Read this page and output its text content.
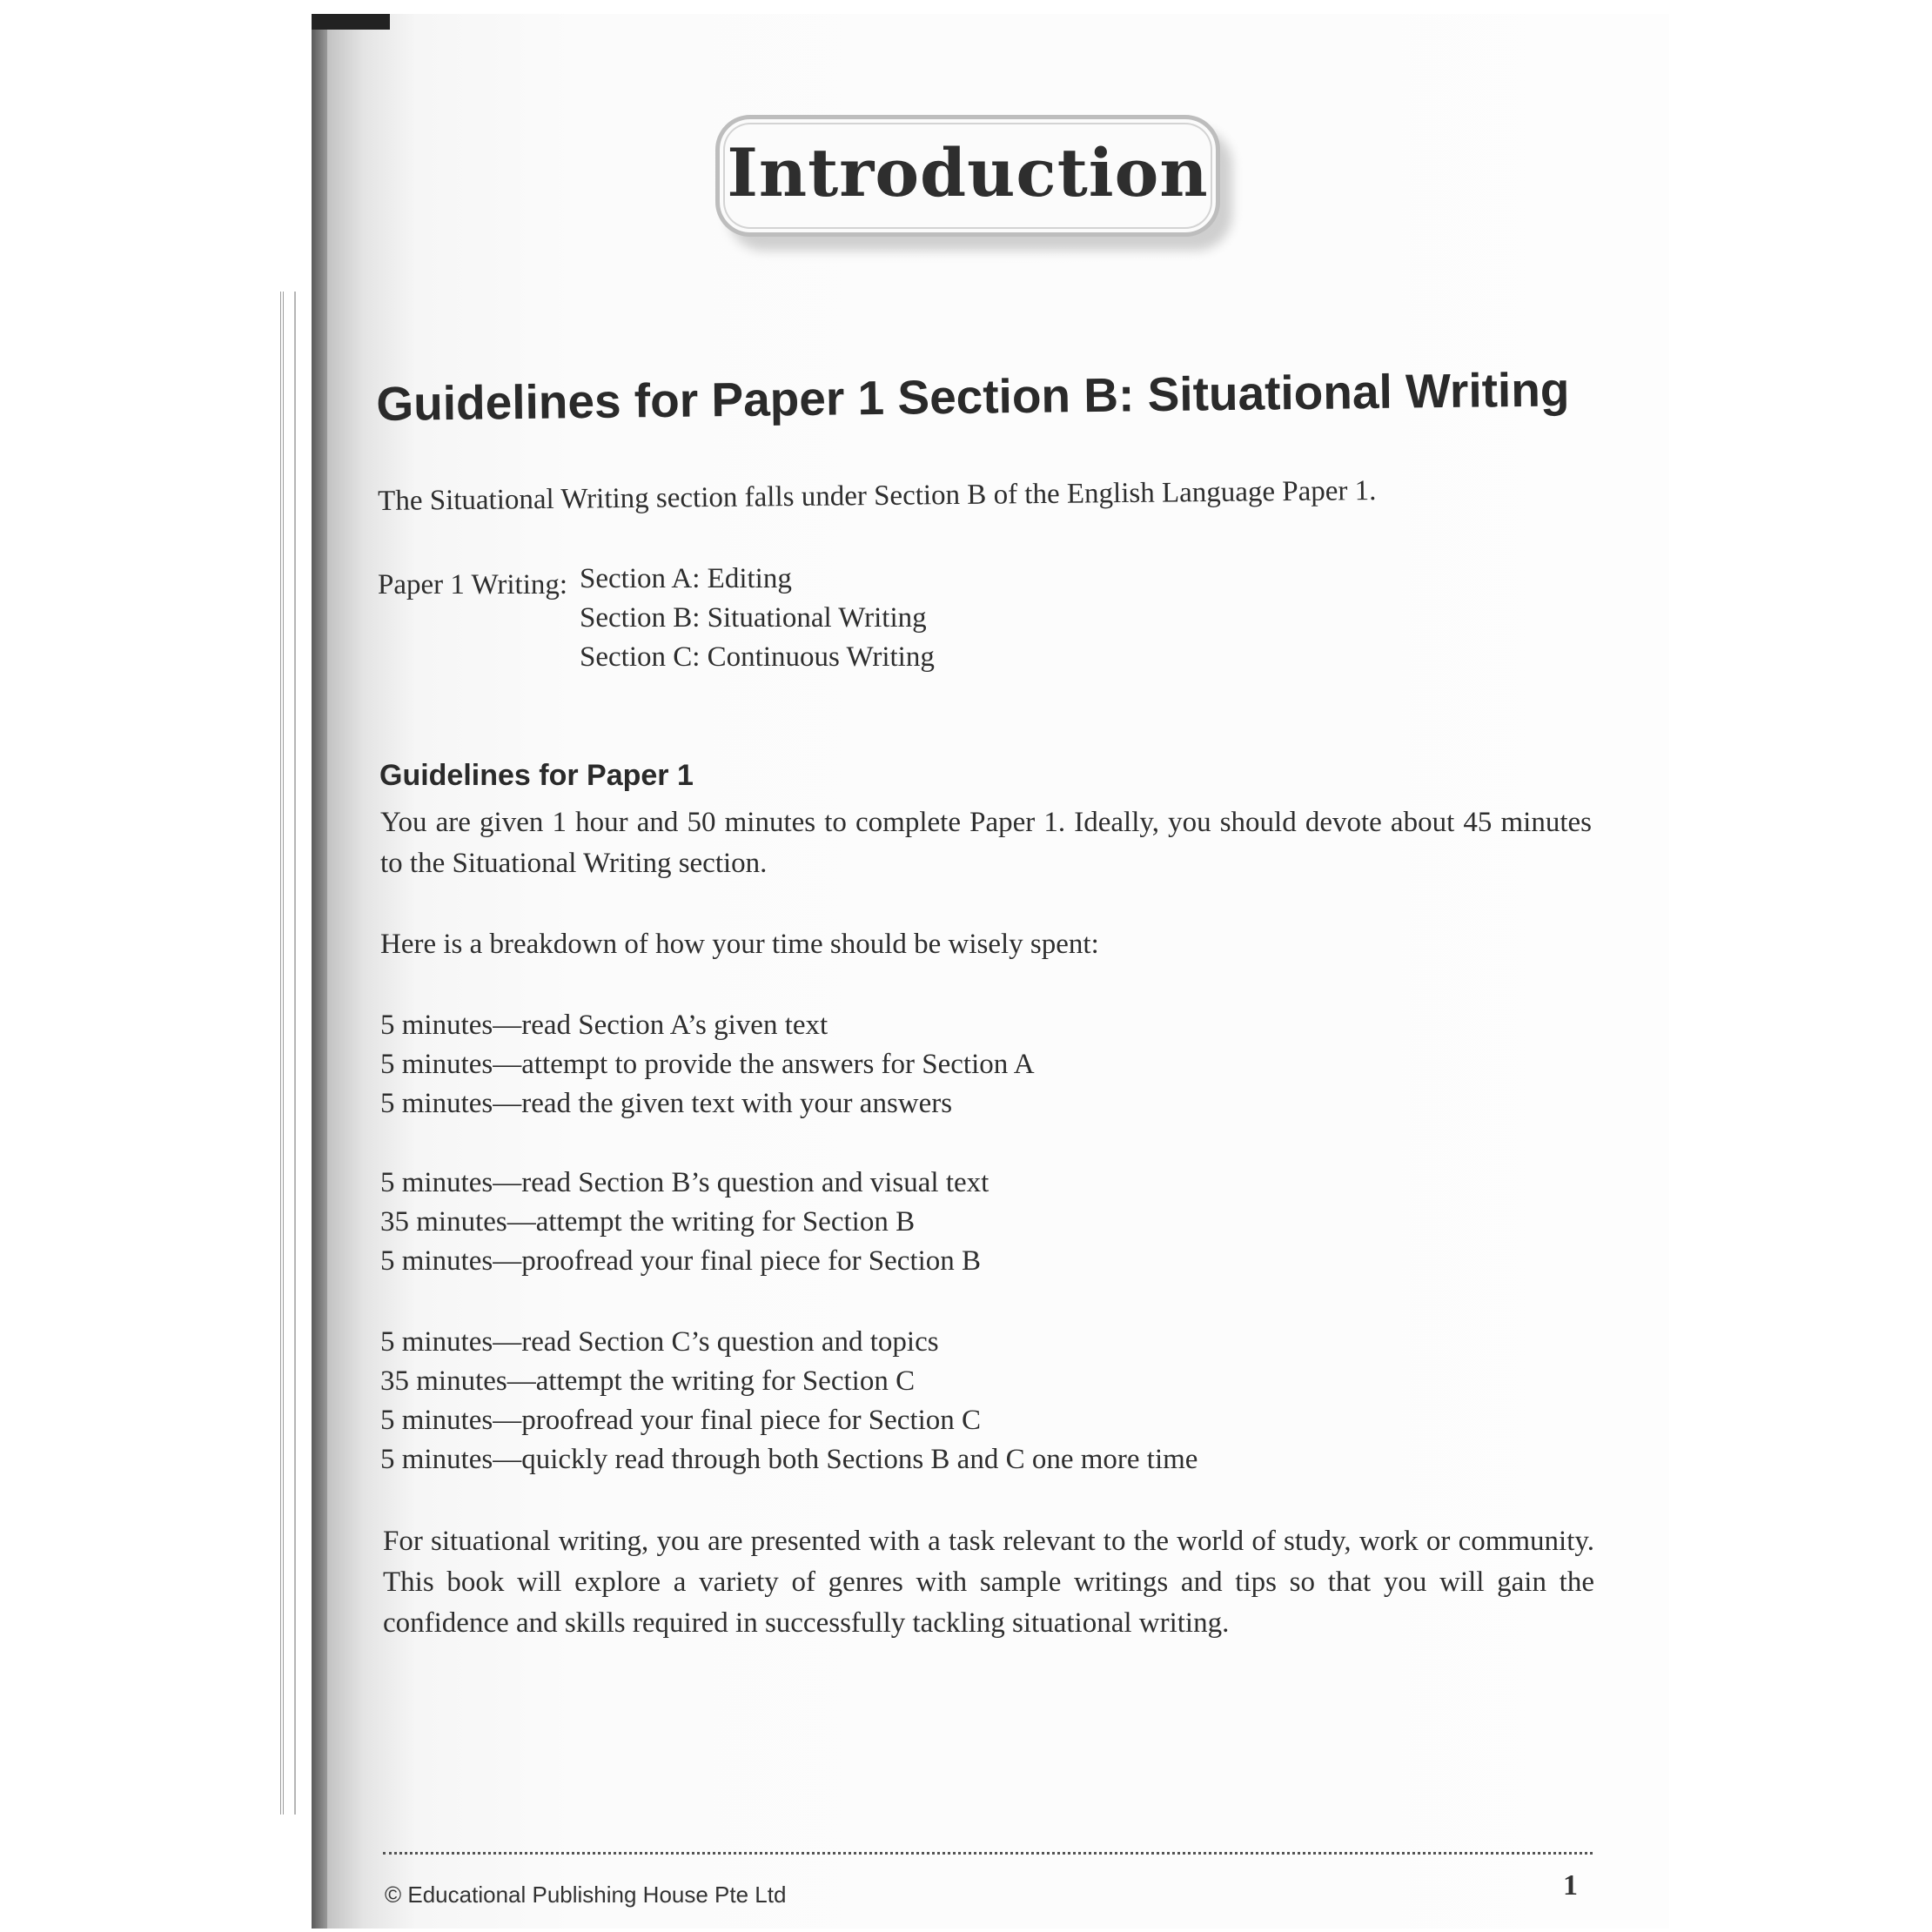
Introduction
Guidelines for Paper 1 Section B: Situational Writing
The Situational Writing section falls under Section B of the English Language Paper 1.
Paper 1 Writing: Section A: Editing
Section B: Situational Writing
Section C: Continuous Writing
Guidelines for Paper 1
You are given 1 hour and 50 minutes to complete Paper 1. Ideally, you should devote about 45 minutes to the Situational Writing section.
Here is a breakdown of how your time should be wisely spent:
5 minutes—read Section A’s given text
5 minutes—attempt to provide the answers for Section A
5 minutes—read the given text with your answers
5 minutes—read Section B’s question and visual text
35 minutes—attempt the writing for Section B
5 minutes—proofread your final piece for Section B
5 minutes—read Section C’s question and topics
35 minutes—attempt the writing for Section C
5 minutes—proofread your final piece for Section C
5 minutes—quickly read through both Sections B and C one more time
For situational writing, you are presented with a task relevant to the world of study, work or community. This book will explore a variety of genres with sample writings and tips so that you will gain the confidence and skills required in successfully tackling situational writing.
© Educational Publishing House Pte Ltd	1
